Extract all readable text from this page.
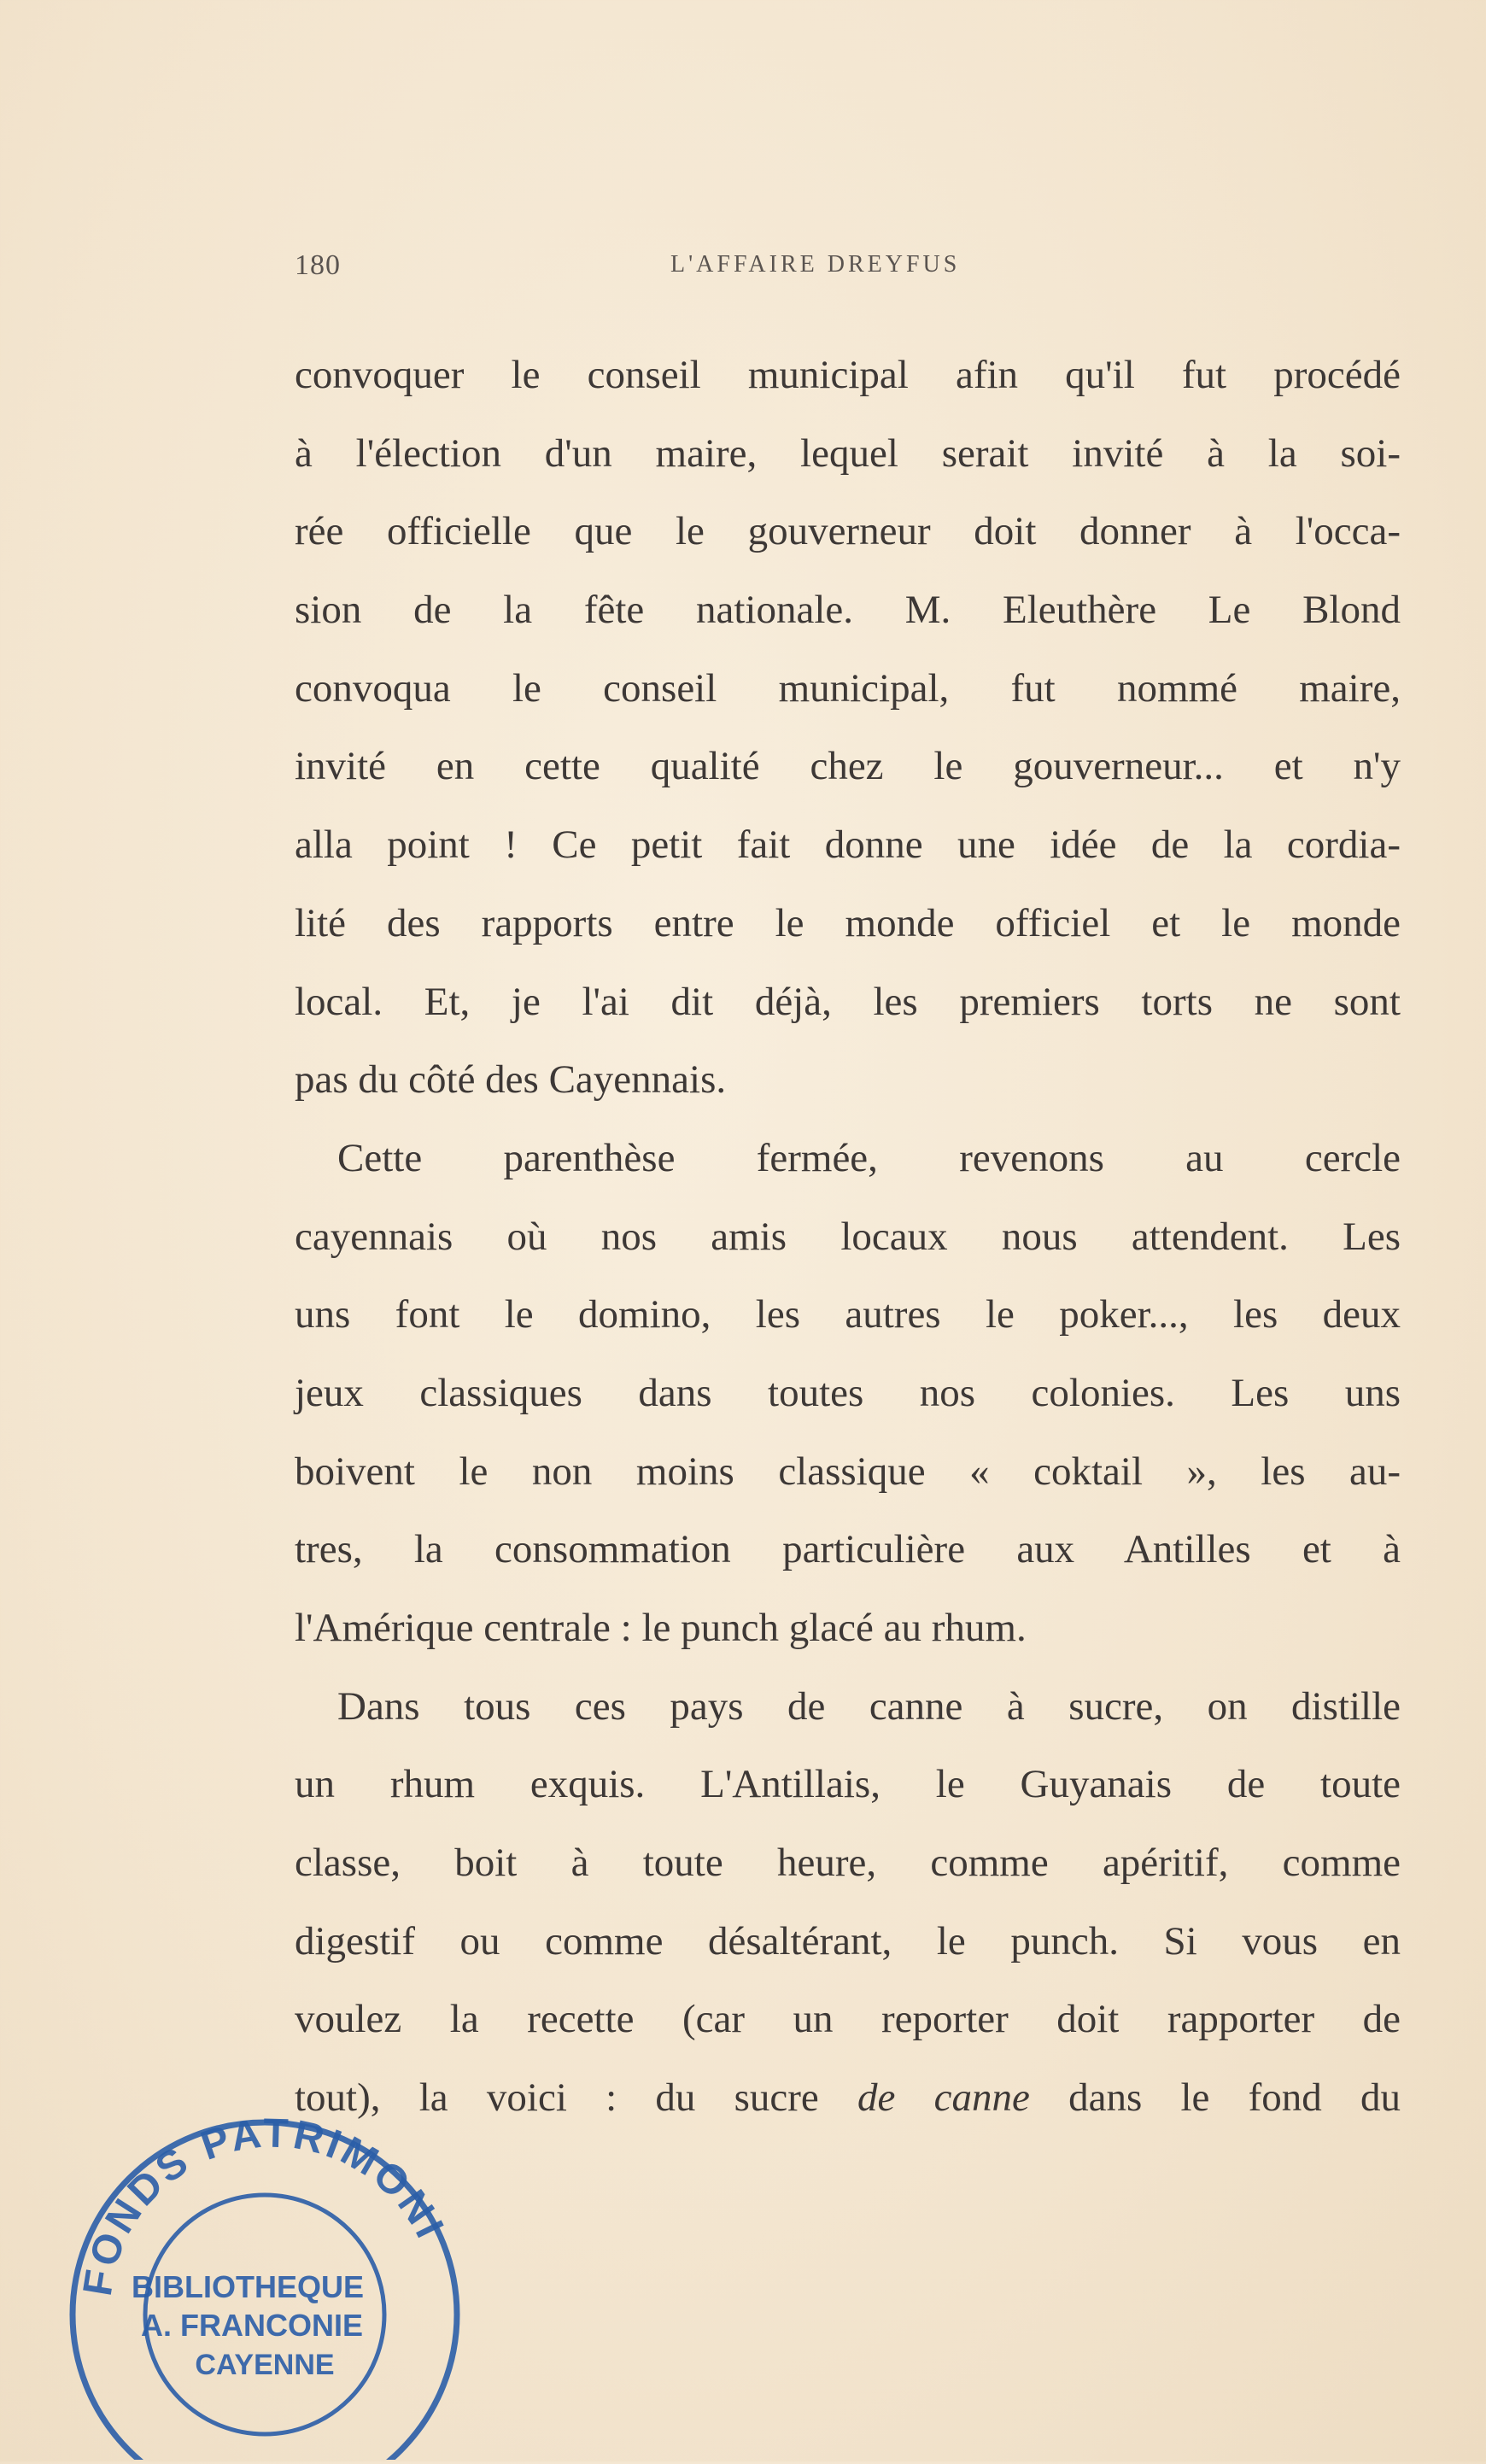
180	L'AFFAIRE DREYFUS
convoquer le conseil municipal afin qu'il fut procédé
à l'élection d'un maire, lequel serait invité à la soi-
rée officielle que le gouverneur doit donner à l'occa-
sion de la fête nationale. M. Eleuthère Le Blond
convoqua le conseil municipal, fut nommé maire,
invité en cette qualité chez le gouverneur... et n'y
alla point ! Ce petit fait donne une idée de la cordia-
lité des rapports entre le monde officiel et le monde
local. Et, je l'ai dit déjà, les premiers torts ne sont
pas du côté des Cayennais.
Cette parenthèse fermée, revenons au cercle
cayennais où nos amis locaux nous attendent. Les
uns font le domino, les autres le poker..., les deux
jeux classiques dans toutes nos colonies. Les uns
boivent le non moins classique « coktail », les au-
tres, la consommation particulière aux Antilles et à
l'Amérique centrale : le punch glacé au rhum.
Dans tous ces pays de canne à sucre, on distille
un rhum exquis. L'Antillais, le Guyanais de toute
classe, boit à toute heure, comme apéritif, comme
digestif ou comme désaltérant, le punch. Si vous en
voulez la recette (car un reporter doit rapporter de
tout), la voici : du sucre de canne dans le fond du
FONDS PATRIMONI
BIBLIOTHEQUE
A. FRANCONIE
CAYENNE
